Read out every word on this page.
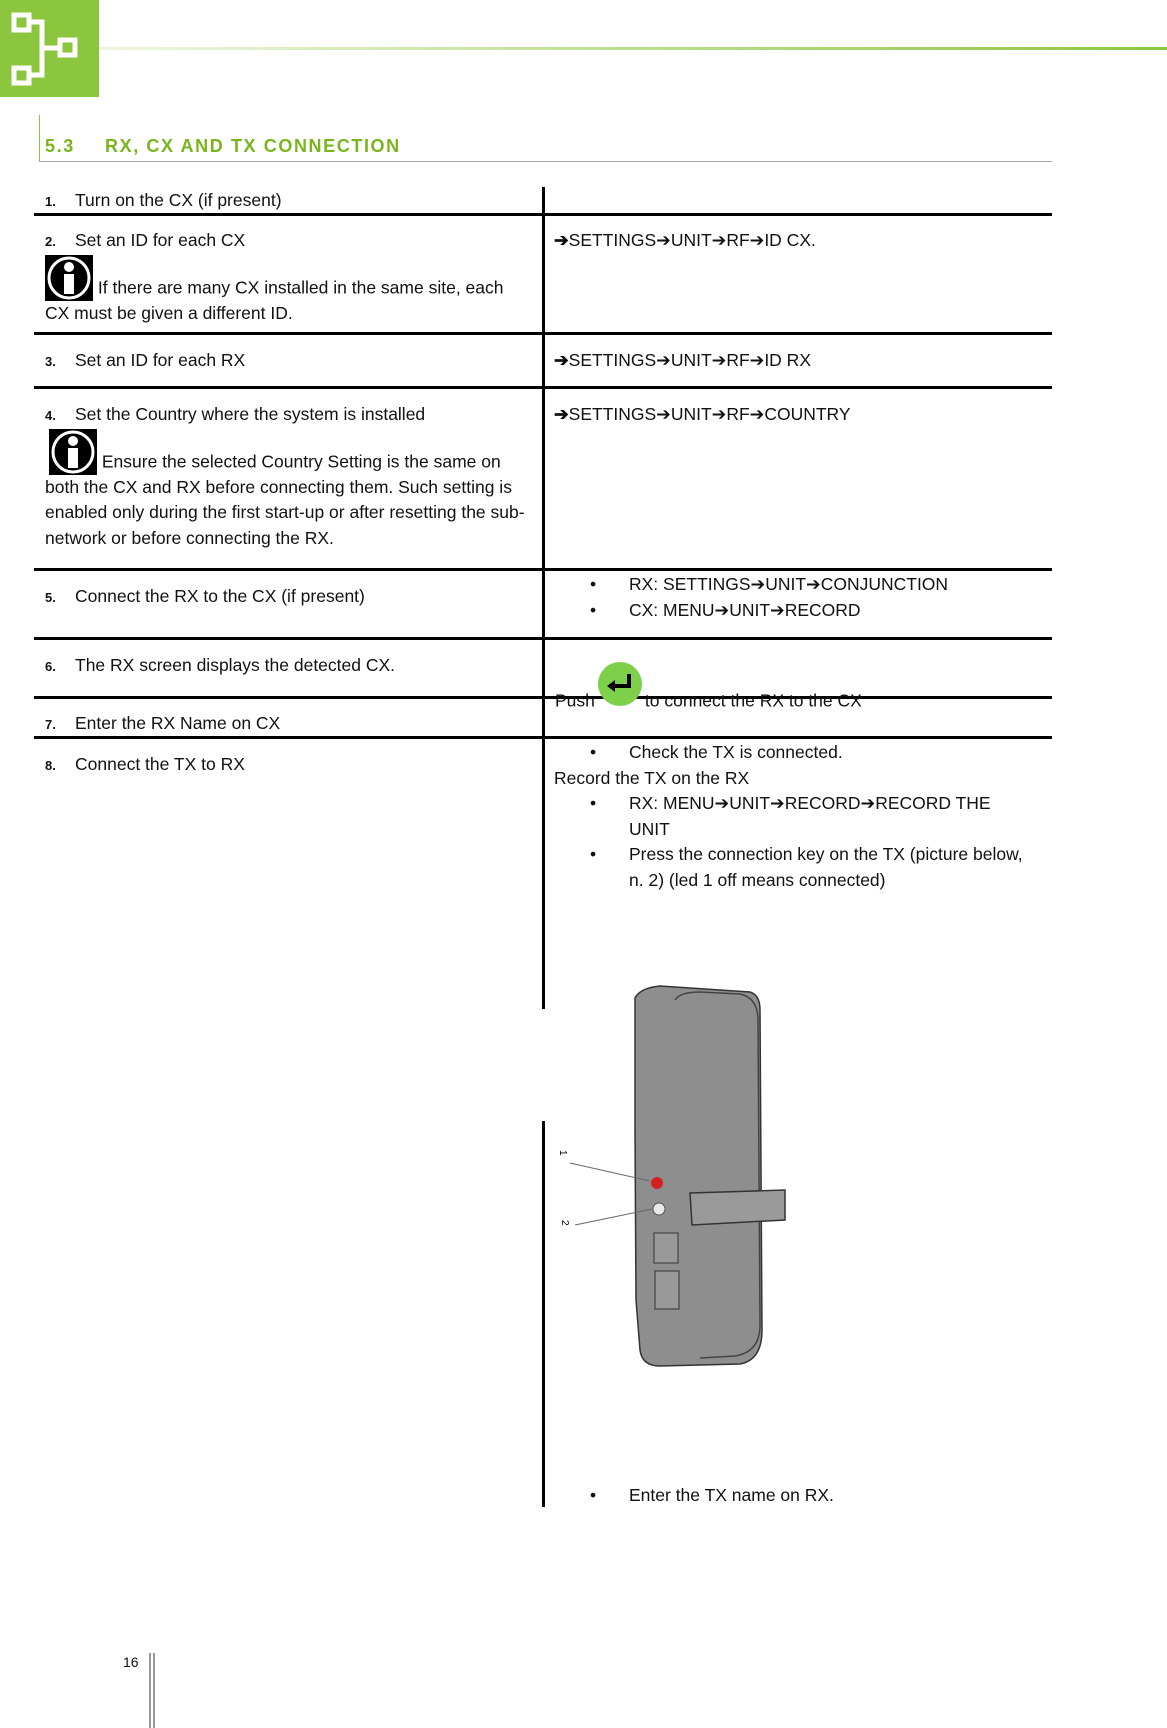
5.3 RX, CX AND TX CONNECTION
1. Turn on the CX (if present)
2. Set an ID for each CX
If there are many CX installed in the same site, each CX must be given a different ID.
➔SETTINGS➔UNIT➔RF➔ID CX.
3. Set an ID for each RX	➔SETTINGS➔UNIT➔RF➔ID RX
4. Set the Country where the system is installed
Ensure the selected Country Setting is the same on both the CX and RX before connecting them. Such setting is enabled only during the first start-up or after resetting the sub-network or before connecting the RX.
➔SETTINGS➔UNIT➔RF➔COUNTRY
5. Connect the RX to the CX (if present)
• RX: SETTINGS➔UNIT➔CONJUNCTION
• CX: MENU➔UNIT➔RECORD
6. The RX screen displays the detected CX.
Push	to connect the RX to the CX
7. Enter the RX Name on CX
8. Connect the TX to RX
• Check the TX is connected.
Record the TX on the RX
• RX: MENU➔UNIT➔RECORD➔RECORD THE UNIT
• Press the connection key on the TX (picture below, n. 2) (led 1 off means connected)
1
2
• Enter the TX name on RX.
16
